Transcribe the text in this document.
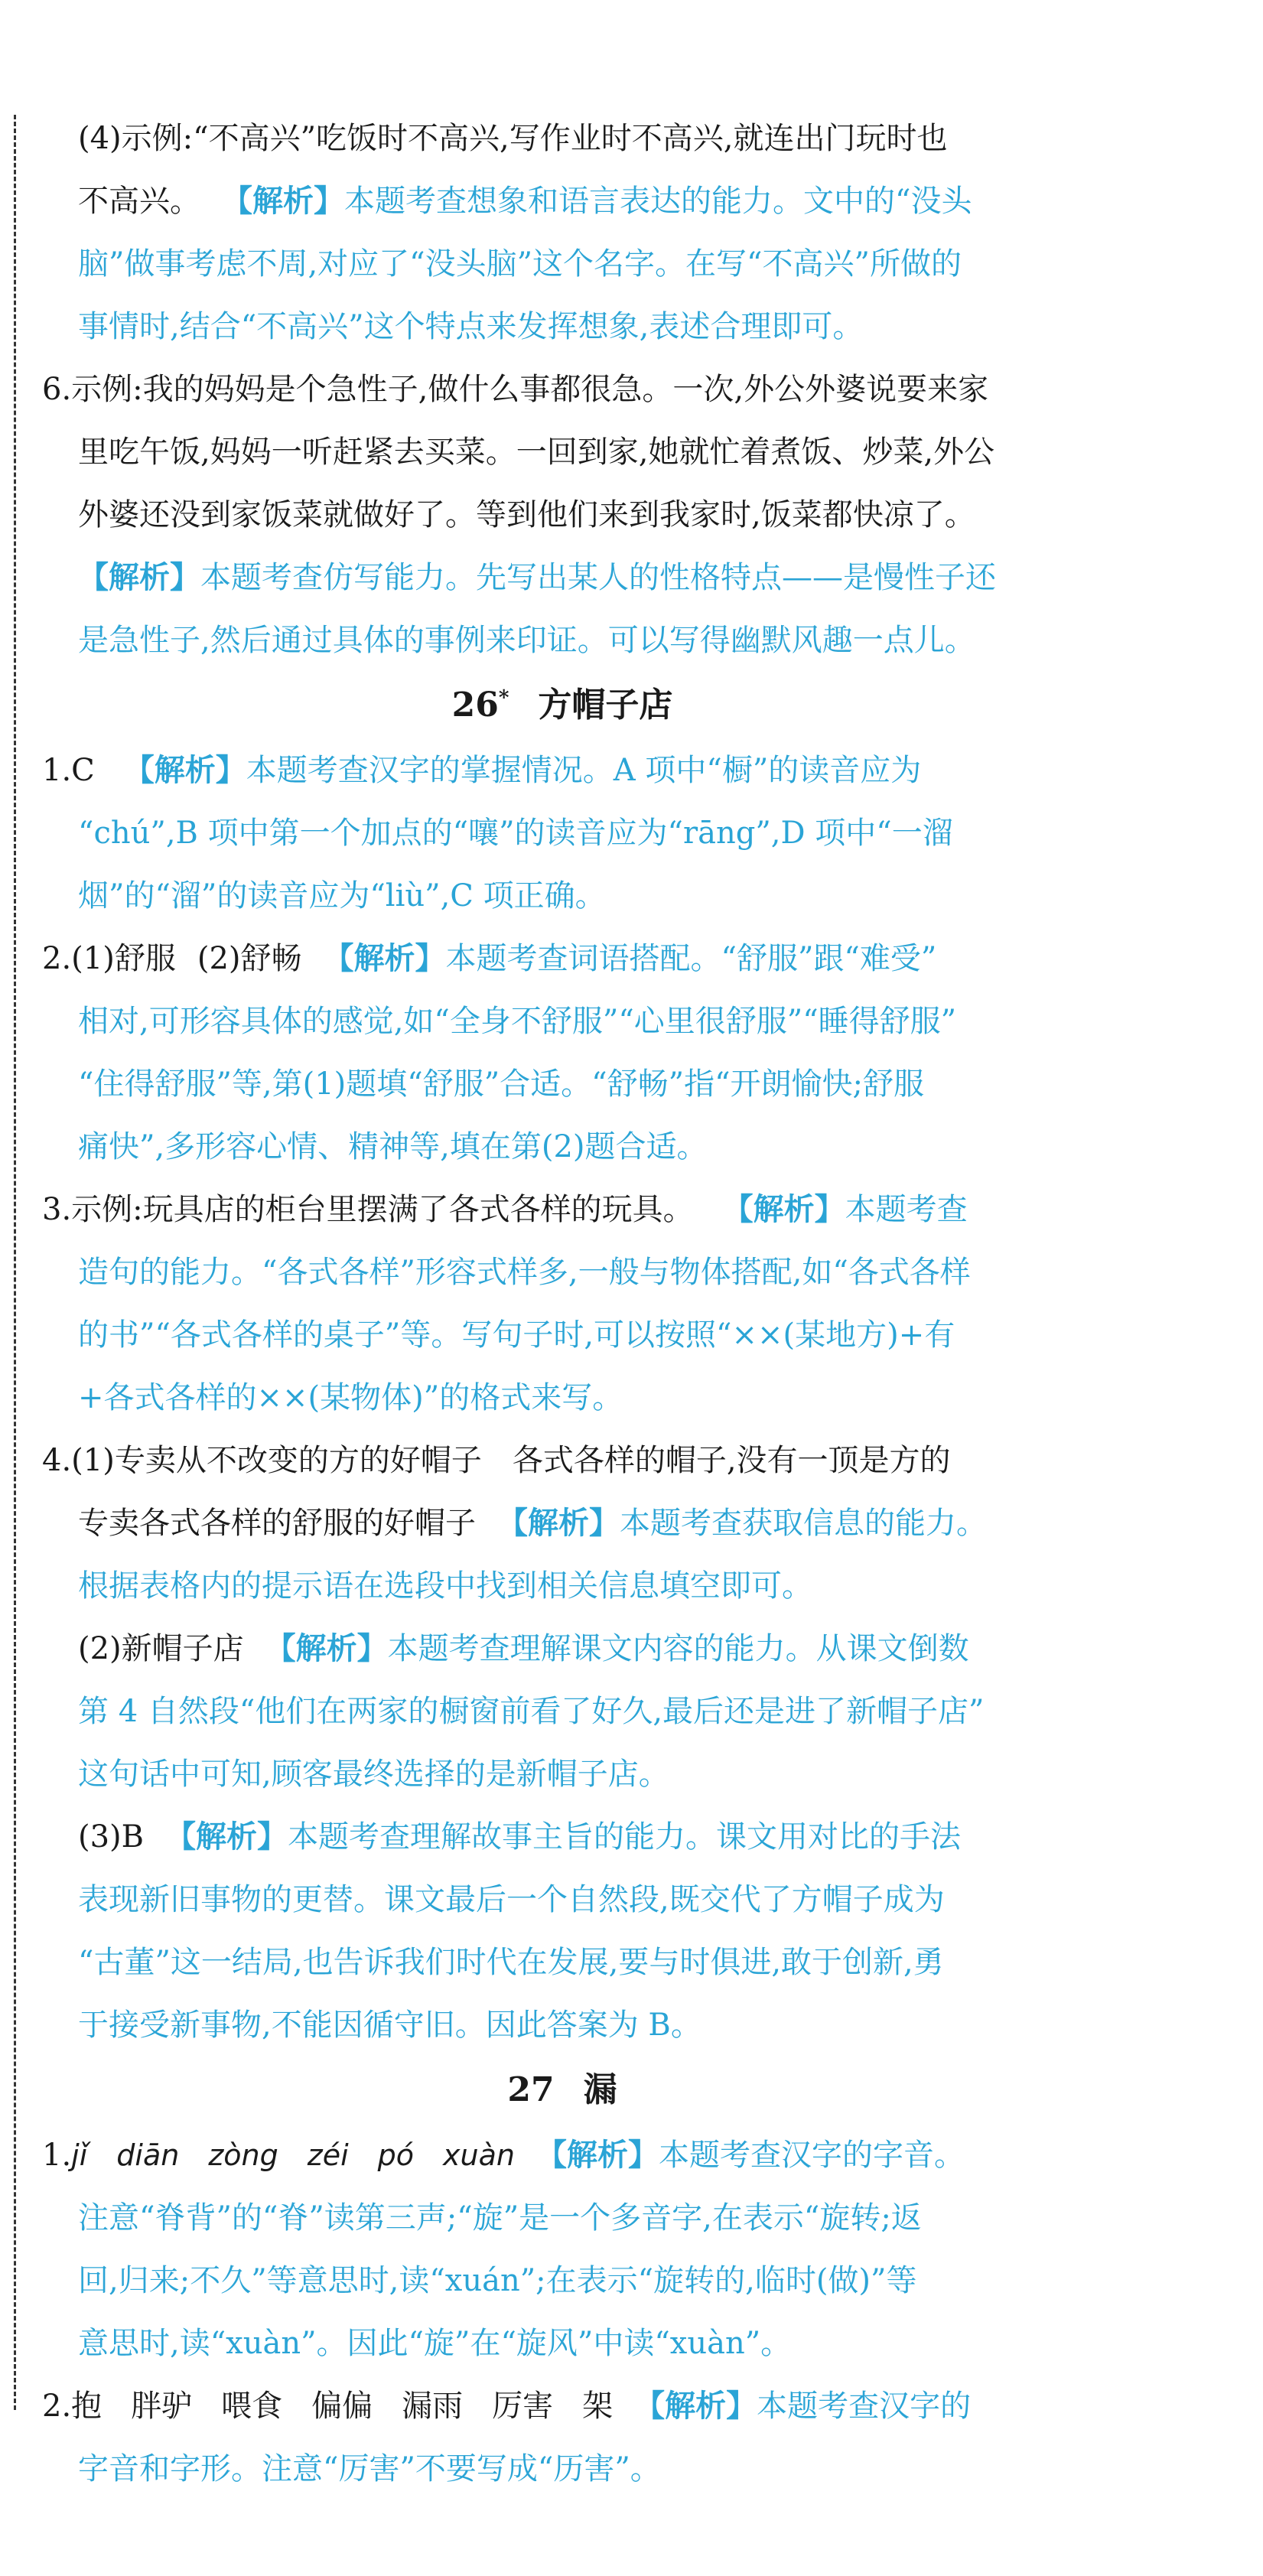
(4)示例:“不高兴”吃饭时不高兴,写作业时不高兴,就连出门玩时也

不高兴。 【解析】本题考查想象和语言表达的能力。文中的“没头

脑”做事考虑不周,对应了“没头脑”这个名字。在写“不高兴”所做的

事情时,结合“不高兴”这个特点来发挥想象,表述合理即可。

6.示例:我的妈妈是个急性子,做什么事都很急。一次,外公外婆说要来家

里吃午饭,妈妈一听赶紧去买菜。一回到家,她就忙着煮饭、炒菜,外公

外婆还没到家饭菜就做好了。等到他们来到我家时,饭菜都快凉了。

【解析】本题考查仿写能力。先写出某人的性格特点——是慢性子还

是急性子,然后通过具体的事例来印证。可以写得幽默风趣一点儿。

26* 方帽子店

1.C 【解析】本题考查汉字的掌握情况。A 项中“橱”的读音应为

“chú”,B 项中第一个加点的“嚷”的读音应为“rāng”,D 项中“一溜

烟”的“溜”的读音应为“liù”,C 项正确。

2.(1)舒服 (2)舒畅 【解析】本题考查词语搭配。“舒服”跟“难受”

相对,可形容具体的感觉,如“全身不舒服”“心里很舒服”“睡得舒服”

“住得舒服”等,第(1)题填“舒服”合适。“舒畅”指“开朗愉快;舒服

痛快”,多形容心情、精神等,填在第(2)题合适。

3.示例:玩具店的柜台里摆满了各式各样的玩具。 【解析】本题考查

造句的能力。“各式各样”形容式样多,一般与物体搭配,如“各式各样

的书”“各式各样的桌子”等。写句子时,可以按照“××(某地方)+有

+各式各样的××(某物体)”的格式来写。

4.(1)专卖从不改变的方的好帽子　各式各样的帽子,没有一顶是方的

专卖各式各样的舒服的好帽子 【解析】本题考查获取信息的能力。

根据表格内的提示语在选段中找到相关信息填空即可。

(2)新帽子店 【解析】本题考查理解课文内容的能力。从课文倒数

第 4 自然段“他们在两家的橱窗前看了好久,最后还是进了新帽子店”

这句话中可知,顾客最终选择的是新帽子店。

(3)B 【解析】本题考查理解故事主旨的能力。课文用对比的手法

表现新旧事物的更替。课文最后一个自然段,既交代了方帽子成为

“古董”这一结局,也告诉我们时代在发展,要与时俱进,敢于创新,勇

于接受新事物,不能因循守旧。因此答案为 B。

27 漏

1.jǐ diān zòng zéi pó xuàn 【解析】本题考查汉字的字音。

注意“脊背”的“脊”读第三声;“旋”是一个多音字,在表示“旋转;返

回,归来;不久”等意思时,读“xuán”;在表示“旋转的,临时(做)”等

意思时,读“xuàn”。因此“旋”在“旋风”中读“xuàn”。

2.抱 胖驴 喂食 偏偏 漏雨 厉害 架 【解析】本题考查汉字的

字音和字形。注意“厉害”不要写成“历害”。
